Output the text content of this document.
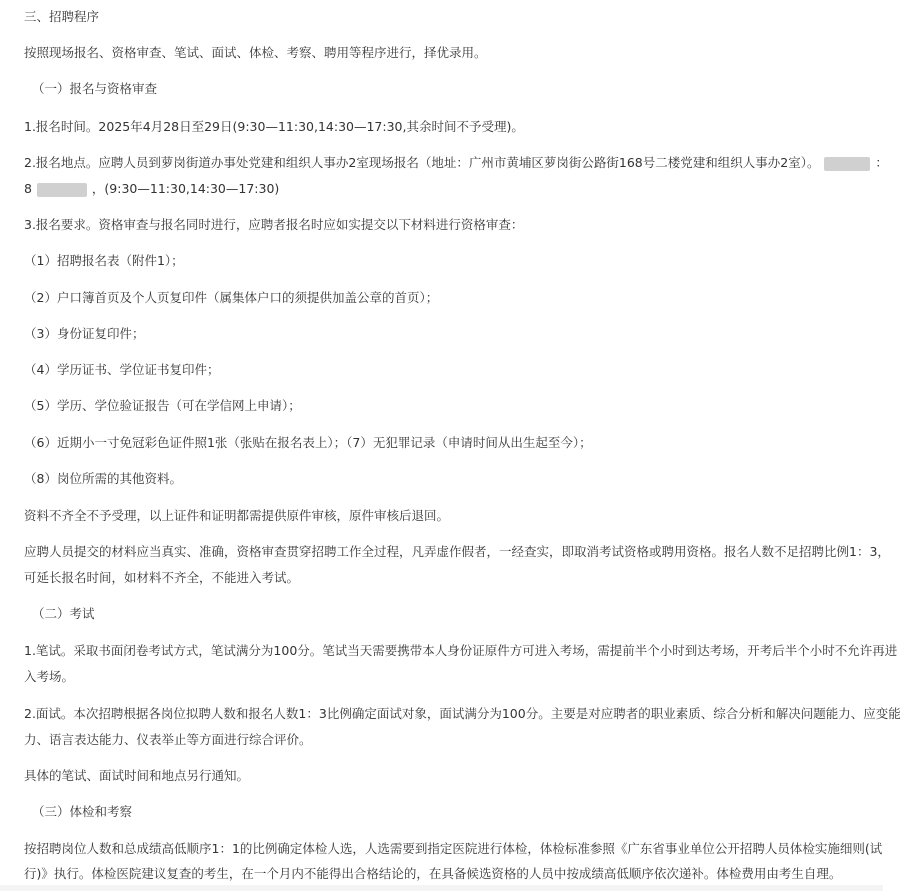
三、招聘程序
按照现场报名、资格审查、笔试、面试、体检、考察、聘用等程序进行，择优录用。
（一）报名与资格审查
1.报名时间。2025年4月28日至29日(9:30—11:30,14:30—17:30,其余时间不予受理)。
2.报名地点。应聘人员到萝岗街道办事处党建和组织人事办2室现场报名（地址：广州市黄埔区萝岗街公路街168号二楼党建和组织人事办2室）。	：
8	，(9:30—11:30,14:30—17:30)
3.报名要求。资格审查与报名同时进行，应聘者报名时应如实提交以下材料进行资格审查：
（1）招聘报名表（附件1）；
（2）户口簿首页及个人页复印件（属集体户口的须提供加盖公章的首页）；
（3）身份证复印件；
（4）学历证书、学位证书复印件；
（5）学历、学位验证报告（可在学信网上申请）；
（6）近期小一寸免冠彩色证件照1张（张贴在报名表上）；（7）无犯罪记录（申请时间从出生起至今）；
（8）岗位所需的其他资料。
资料不齐全不予受理，以上证件和证明都需提供原件审核，原件审核后退回。
应聘人员提交的材料应当真实、准确，资格审查贯穿招聘工作全过程，凡弄虚作假者，一经查实，即取消考试资格或聘用资格。报名人数不足招聘比例1：3，
可延长报名时间，如材料不齐全，不能进入考试。
（二）考试
1.笔试。采取书面闭卷考试方式，笔试满分为100分。笔试当天需要携带本人身份证原件方可进入考场，需提前半个小时到达考场，开考后半个小时不允许再进
入考场。
2.面试。本次招聘根据各岗位拟聘人数和报名人数1：3比例确定面试对象，面试满分为100分。主要是对应聘者的职业素质、综合分析和解决问题能力、应变能
力、语言表达能力、仪表举止等方面进行综合评价。
具体的笔试、面试时间和地点另行通知。
（三）体检和考察
按招聘岗位人数和总成绩高低顺序1：1的比例确定体检人选，人选需要到指定医院进行体检，体检标准参照《广东省事业单位公开招聘人员体检实施细则(试
行)》执行。体检医院建议复查的考生，在一个月内不能得出合格结论的，在具备候选资格的人员中按成绩高低顺序依次递补。体检费用由考生自理。
